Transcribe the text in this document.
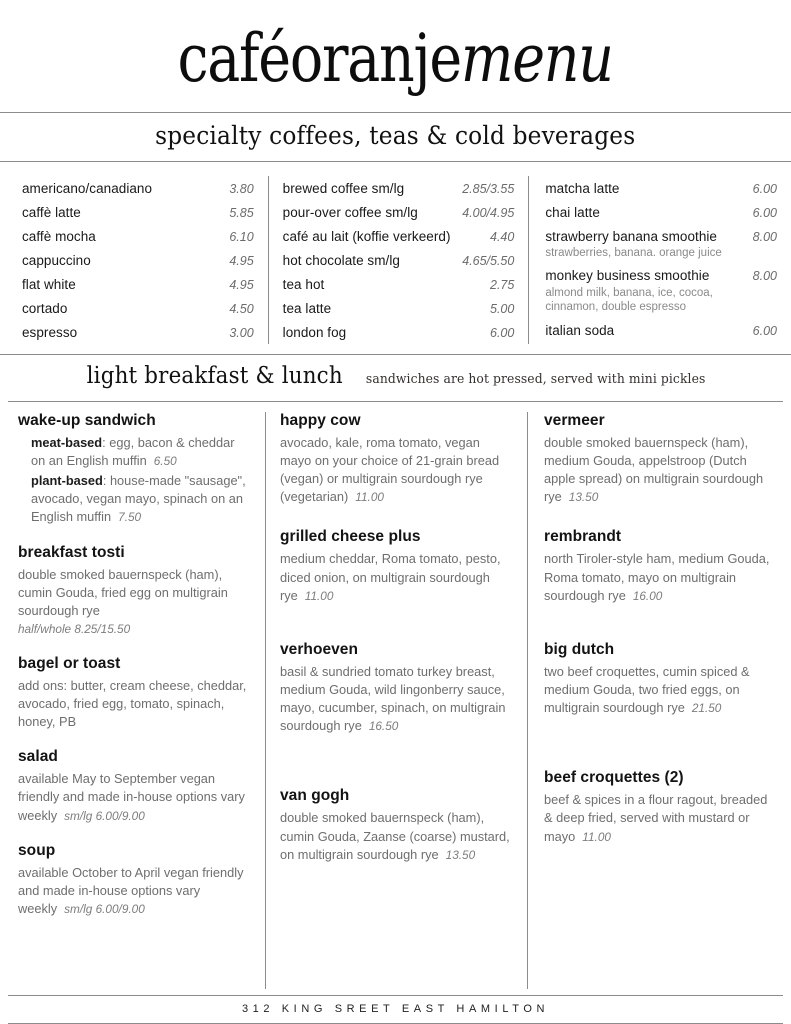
caféoranjemenu
specialty coffees, teas & cold beverages
americano/canadiano	3.80
caffè latte	5.85
caffè mocha	6.10
cappuccino	4.95
flat white	4.95
cortado	4.50
espresso	3.00
brewed coffee sm/lg	2.85/3.55
pour-over coffee sm/lg	4.00/4.95
café au lait (koffie verkeerd)	4.40
hot chocolate sm/lg	4.65/5.50
tea hot	2.75
tea latte	5.00
london fog	6.00
matcha latte	6.00
chai latte	6.00
strawberry banana smoothie	8.00
strawberries, banana. orange juice
monkey business smoothie	8.00
almond milk, banana, ice, cocoa, cinnamon, double espresso
italian soda	6.00
light breakfast & lunch sandwiches are hot pressed, served with mini pickles
wake-up sandwich
meat-based: egg, bacon & cheddar on an English muffin 6.50
plant-based: house-made "sausage", avocado, vegan mayo, spinach on an English muffin 7.50
breakfast tosti
double smoked bauernspeck (ham), cumin Gouda, fried egg on multigrain sourdough rye
half/whole 8.25/15.50
bagel or toast
add ons: butter, cream cheese, cheddar, avocado, fried egg, tomato, spinach, honey, PB
salad
available May to September vegan friendly and made in-house options vary weekly sm/lg 6.00/9.00
soup
available October to April vegan friendly and made in-house options vary weekly sm/lg 6.00/9.00
happy cow
avocado, kale, roma tomato, vegan mayo on your choice of 21-grain bread (vegan) or multigrain sourdough rye (vegetarian) 11.00
grilled cheese plus
medium cheddar, Roma tomato, pesto, diced onion, on multigrain sourdough rye 11.00
verhoeven
basil & sundried tomato turkey breast, medium Gouda, wild lingonberry sauce, mayo, cucumber, spinach, on multigrain sourdough rye 16.50
van gogh
double smoked bauernspeck (ham), cumin Gouda, Zaanse (coarse) mustard, on multigrain sourdough rye 13.50
vermeer
double smoked bauernspeck (ham), medium Gouda, appelstroop (Dutch apple spread) on multigrain sourdough rye 13.50
rembrandt
north Tiroler-style ham, medium Gouda, Roma tomato, mayo on multigrain sourdough rye 16.00
big dutch
two beef croquettes, cumin spiced & medium Gouda, two fried eggs, on multigrain sourdough rye 21.50
beef croquettes (2)
beef & spices in a flour ragout, breaded & deep fried, served with mustard or mayo 11.00
312 KING SREET EAST HAMILTON
